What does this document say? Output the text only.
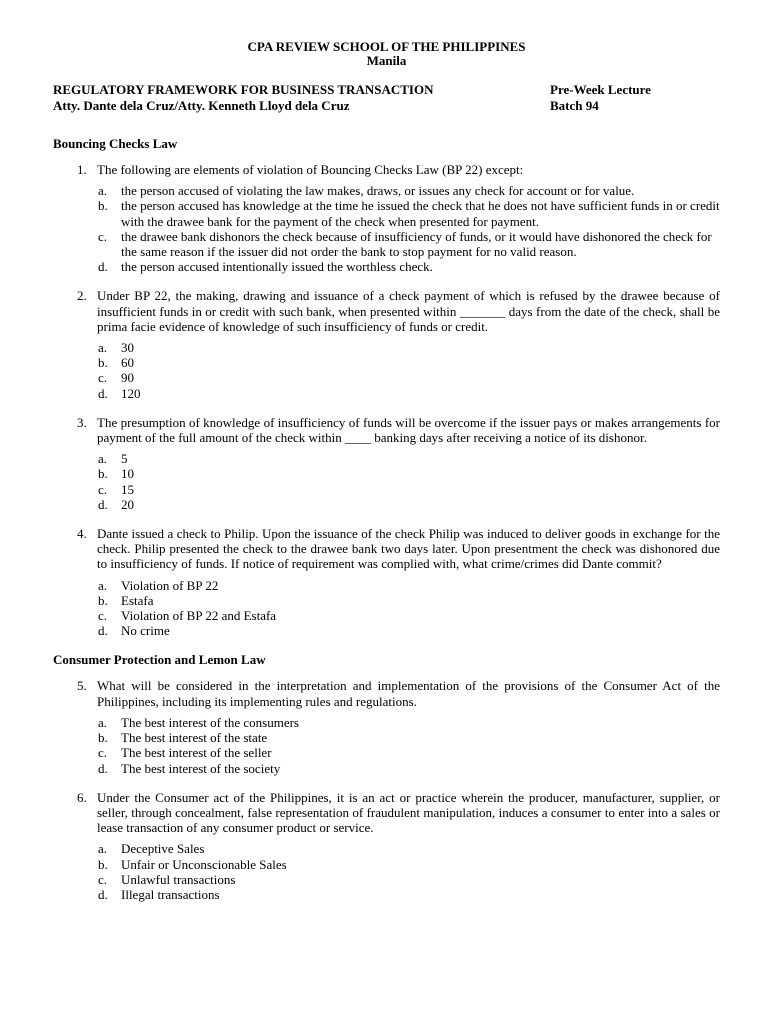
CPA REVIEW SCHOOL OF THE PHILIPPINES
Manila
REGULATORY FRAMEWORK FOR BUSINESS TRANSACTION	Pre-Week Lecture
Atty. Dante dela Cruz/Atty. Kenneth Lloyd dela Cruz	Batch 94
Bouncing Checks Law
1. The following are elements of violation of Bouncing Checks Law (BP 22) except:
a.	the person accused of violating the law makes, draws, or issues any check for account or for value.
b.	the person accused has knowledge at the time he issued the check that he does not have sufficient funds in or credit with the drawee bank for the payment of the check when presented for payment.
c.	the drawee bank dishonors the check because of insufficiency of funds, or it would have dishonored the check for the same reason if the issuer did not order the bank to stop payment for no valid reason.
d.	the person accused intentionally issued the worthless check.
2. Under BP 22, the making, drawing and issuance of a check payment of which is refused by the drawee because of insufficient funds in or credit with such bank, when presented within _______ days from the date of the check, shall be prima facie evidence of knowledge of such insufficiency of funds or credit.
a.	30
b.	60
c.	90
d.	120
3. The presumption of knowledge of insufficiency of funds will be overcome if the issuer pays or makes arrangements for payment of the full amount of the check within ____ banking days after receiving a notice of its dishonor.
a.	5
b.	10
c.	15
d.	20
4. Dante issued a check to Philip. Upon the issuance of the check Philip was induced to deliver goods in exchange for the check. Philip presented the check to the drawee bank two days later. Upon presentment the check was dishonored due to insufficiency of funds. If notice of requirement was complied with, what crime/crimes did Dante commit?
a.	Violation of BP 22
b.	Estafa
c.	Violation of BP 22 and Estafa
d.	No crime
Consumer Protection and Lemon Law
5. What will be considered in the interpretation and implementation of the provisions of the Consumer Act of the Philippines, including its implementing rules and regulations.
a.	The best interest of the consumers
b.	The best interest of the state
c.	The best interest of the seller
d.	The best interest of the society
6. Under the Consumer act of the Philippines, it is an act or practice wherein the producer, manufacturer, supplier, or seller, through concealment, false representation of fraudulent manipulation, induces a consumer to enter into a sales or lease transaction of any consumer product or service.
a.	Deceptive Sales
b.	Unfair or Unconscionable Sales
c.	Unlawful transactions
d.	Illegal transactions
